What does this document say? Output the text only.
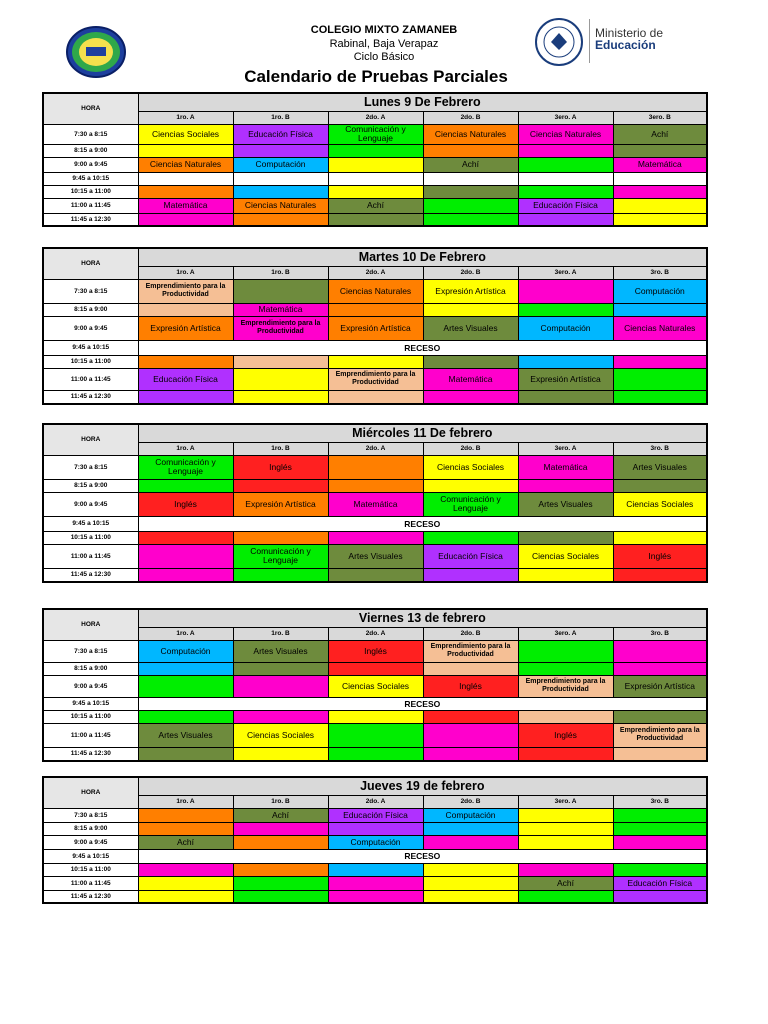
COLEGIO MIXTO ZAMANEB
Rabinal, Baja Verapaz
Ciclo Básico
Ministerio de
Educación
Calendario de Pruebas Parciales
HORA	Lunes 9 De Febrero					
	1ro. A	1ro. B	2do. A	2do. B	3ero. A	3ero. B
7:30 a 8:15	Ciencias Sociales	Educación Física	Comunicación y Lenguaje	Ciencias Naturales	Ciencias Naturales	Achí
8:15 a 9:00						
9:00 a 9:45	Ciencias Naturales	Computación		Achí		Matemática
9:45 a 10:15						
10:15 a 11:00						
11:00 a 11:45	Matemática	Ciencias Naturales	Achí		Educación Física	
11:45 a 12:30						
HORA	Martes 10 De Febrero					
	1ro. A	1ro. B	2do. A	2do. B	3ero. A	3ro. B
7:30 a 8:15	Emprendimiento para la Productividad		Ciencias Naturales	Expresión Artística		Computación
8:15 a 9:00		Matemática				
9:00 a 9:45	Expresión Artística	Emprendimiento para la Productividad	Expresión Artística	Artes Visuales	Computación	Ciencias Naturales
9:45 a 10:15	RECESO					
10:15 a 11:00						
11:00 a 11:45	Educación Física		Emprendimiento para la Productividad	Matemática	Expresión Artística	
11:45 a 12:30						
HORA	Miércoles 11 De febrero					
	1ro. A	1ro. B	2do. A	2do. B	3ero. A	3ro. B
7:30 a 8:15	Comunicación y Lenguaje	Inglés		Ciencias Sociales	Matemática	Artes Visuales
8:15 a 9:00						
9:00 a 9:45	Inglés	Expresión Artística	Matemática	Comunicación y Lenguaje	Artes Visuales	Ciencias Sociales
9:45 a 10:15	RECESO					
10:15 a 11:00						
11:00 a 11:45		Comunicación y Lenguaje	Artes Visuales	Educación Física	Ciencias Sociales	Inglés
11:45 a 12:30						
HORA	Viernes 13 de febrero					
	1ro. A	1ro. B	2do. A	2do. B	3ero. A	3ro. B
7:30 a 8:15	Computación	Artes Visuales	Inglés	Emprendimiento para la Productividad		
8:15 a 9:00						
9:00 a 9:45			Ciencias Sociales	Inglés	Emprendimiento para la Productividad	Expresión Artística
9:45 a 10:15	RECESO					
10:15 a 11:00						
11:00 a 11:45	Artes Visuales	Ciencias Sociales			Inglés	Emprendimiento para la Productividad
11:45 a 12:30						
HORA	Jueves 19 de febrero					
	1ro. A	1ro. B	2do. A	2do. B	3ero. A	3ro. B
7:30 a 8:15		Achí	Educación Física	Computación		
8:15 a 9:00						
9:00 a 9:45	Achí		Computación			
9:45 a 10:15	RECESO					
10:15 a 11:00						
11:00 a 11:45					Achí	Educación Física
11:45 a 12:30						
